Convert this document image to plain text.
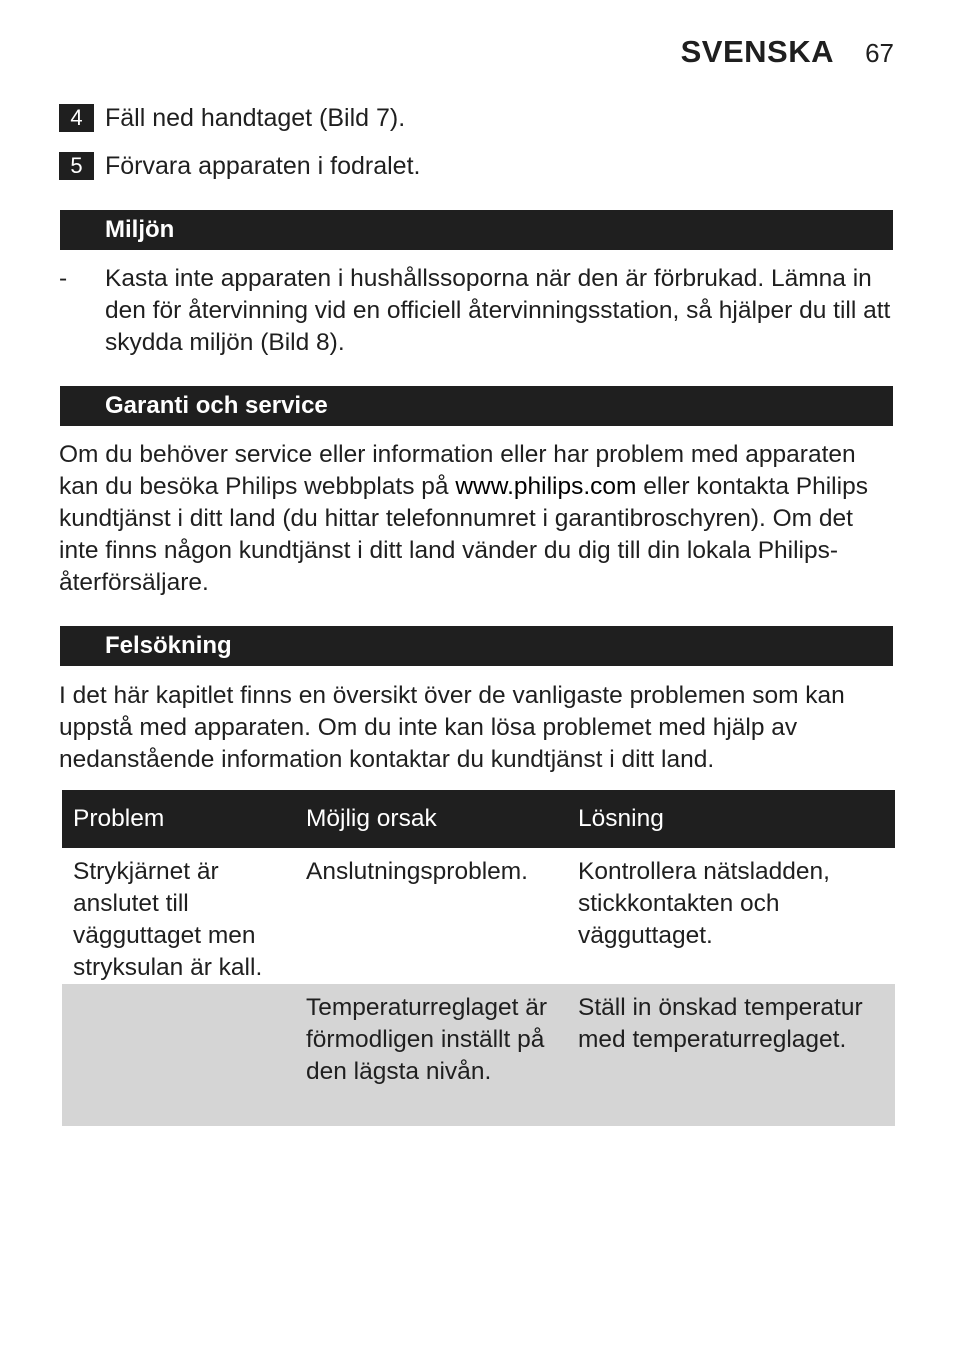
SVENSKA 67
4 Fäll ned handtaget (Bild 7).
5 Förvara apparaten i fodralet.
Miljön
- Kasta inte apparaten i hushållssoporna när den är förbrukad. Lämna in den för återvinning vid en officiell återvinningsstation, så hjälper du till att skydda miljön (Bild 8).
Garanti och service
Om du behöver service eller information eller har problem med apparaten kan du besöka Philips webbplats på www.philips.com eller kontakta Philips kundtjänst i ditt land (du hittar telefonnumret i garantibroschyren). Om det inte finns någon kundtjänst i ditt land vänder du dig till din lokala Philips-återförsäljare.
Felsökning
I det här kapitlet finns en översikt över de vanligaste problemen som kan uppstå med apparaten. Om du inte kan lösa problemet med hjälp av nedanstående information kontaktar du kundtjänst i ditt land.
Problem	Möjlig orsak	Lösning
Strykjärnet är anslutet till vägguttaget men stryksulan är kall.	Anslutningsproblem.	Kontrollera nätsladden, stickkontakten och vägguttaget.
	Temperaturreglaget är förmodligen inställt på den lägsta nivån.	Ställ in önskad temperatur med temperaturreglaget.
